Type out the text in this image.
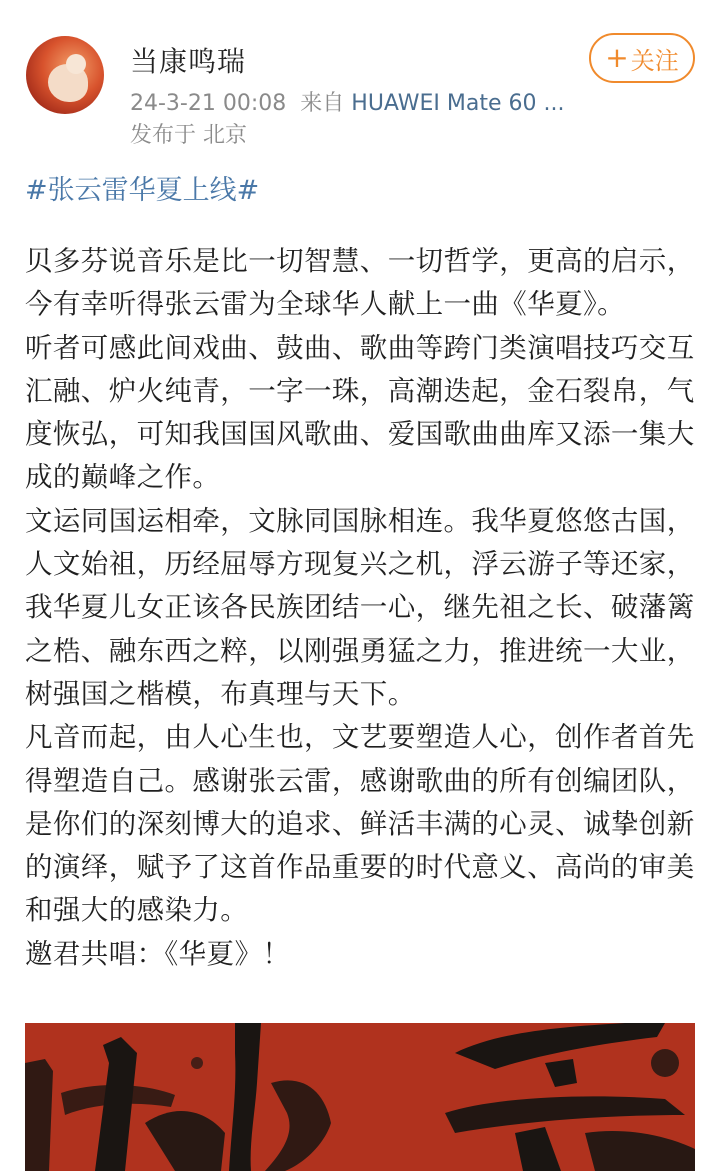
当康鸣瑞
24-3-21 00:08 来自 HUAWEI Mate 60 ...
发布于 北京
+ 关注
#张云雷华夏上线#

贝多芬说音乐是比一切智慧、一切哲学，更高的启示，今有幸听得张云雷为全球华人献上一曲《华夏》。

听者可感此间戏曲、鼓曲、歌曲等跨门类演唱技巧交互汇融、炉火纯青，一字一珠，高潮迭起，金石裂帛，气度恢弘，可知我国国风歌曲、爱国歌曲曲库又添一集大成的巅峰之作。

文运同国运相牵，文脉同国脉相连。我华夏悠悠古国，人文始祖，历经屈辱方现复兴之机，浮云游子等还家，我华夏儿女正该各民族团结一心，继先祖之长、破藩篱之梏、融东西之粹，以刚强勇猛之力，推进统一大业，树强国之楷模，布真理与天下。

凡音而起，由人心生也，文艺要塑造人心，创作者首先得塑造自己。感谢张云雷，感谢歌曲的所有创编团队，是你们的深刻博大的追求、鲜活丰满的心灵、诚挚创新的演绎，赋予了这首作品重要的时代意义、高尚的审美和强大的感染力。

邀君共唱：《华夏》！
